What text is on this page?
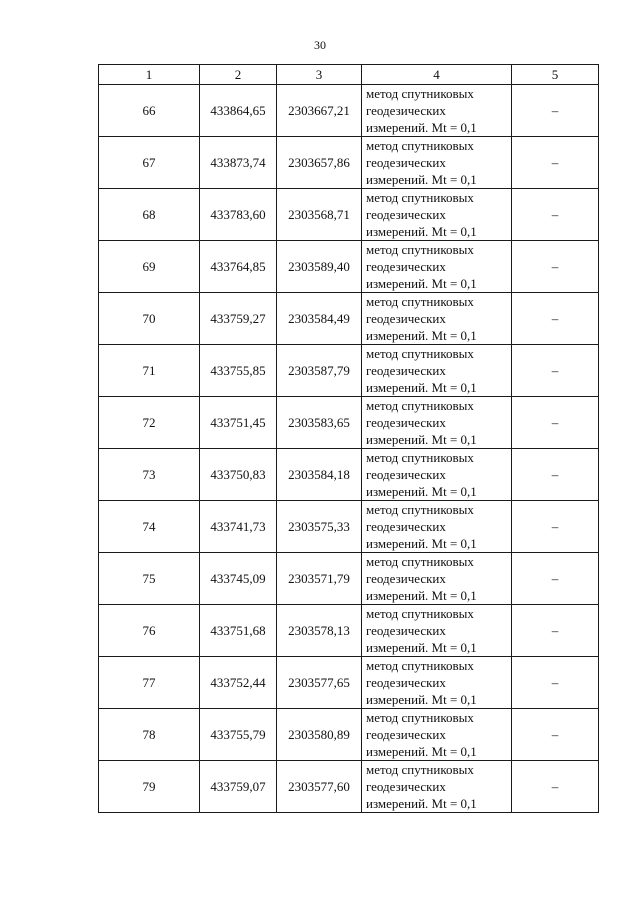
30
1	2	3	4	5
66	433864,65	2303667,21	метод спутниковых
геодезических
измерений. Mt = 0,1	–
67	433873,74	2303657,86	метод спутниковых
геодезических
измерений. Mt = 0,1	–
68	433783,60	2303568,71	метод спутниковых
геодезических
измерений. Mt = 0,1	–
69	433764,85	2303589,40	метод спутниковых
геодезических
измерений. Mt = 0,1	–
70	433759,27	2303584,49	метод спутниковых
геодезических
измерений. Mt = 0,1	–
71	433755,85	2303587,79	метод спутниковых
геодезических
измерений. Mt = 0,1	–
72	433751,45	2303583,65	метод спутниковых
геодезических
измерений. Mt = 0,1	–
73	433750,83	2303584,18	метод спутниковых
геодезических
измерений. Mt = 0,1	–
74	433741,73	2303575,33	метод спутниковых
геодезических
измерений. Mt = 0,1	–
75	433745,09	2303571,79	метод спутниковых
геодезических
измерений. Mt = 0,1	–
76	433751,68	2303578,13	метод спутниковых
геодезических
измерений. Mt = 0,1	–
77	433752,44	2303577,65	метод спутниковых
геодезических
измерений. Mt = 0,1	–
78	433755,79	2303580,89	метод спутниковых
геодезических
измерений. Mt = 0,1	–
79	433759,07	2303577,60	метод спутниковых
геодезических
измерений. Mt = 0,1	–
